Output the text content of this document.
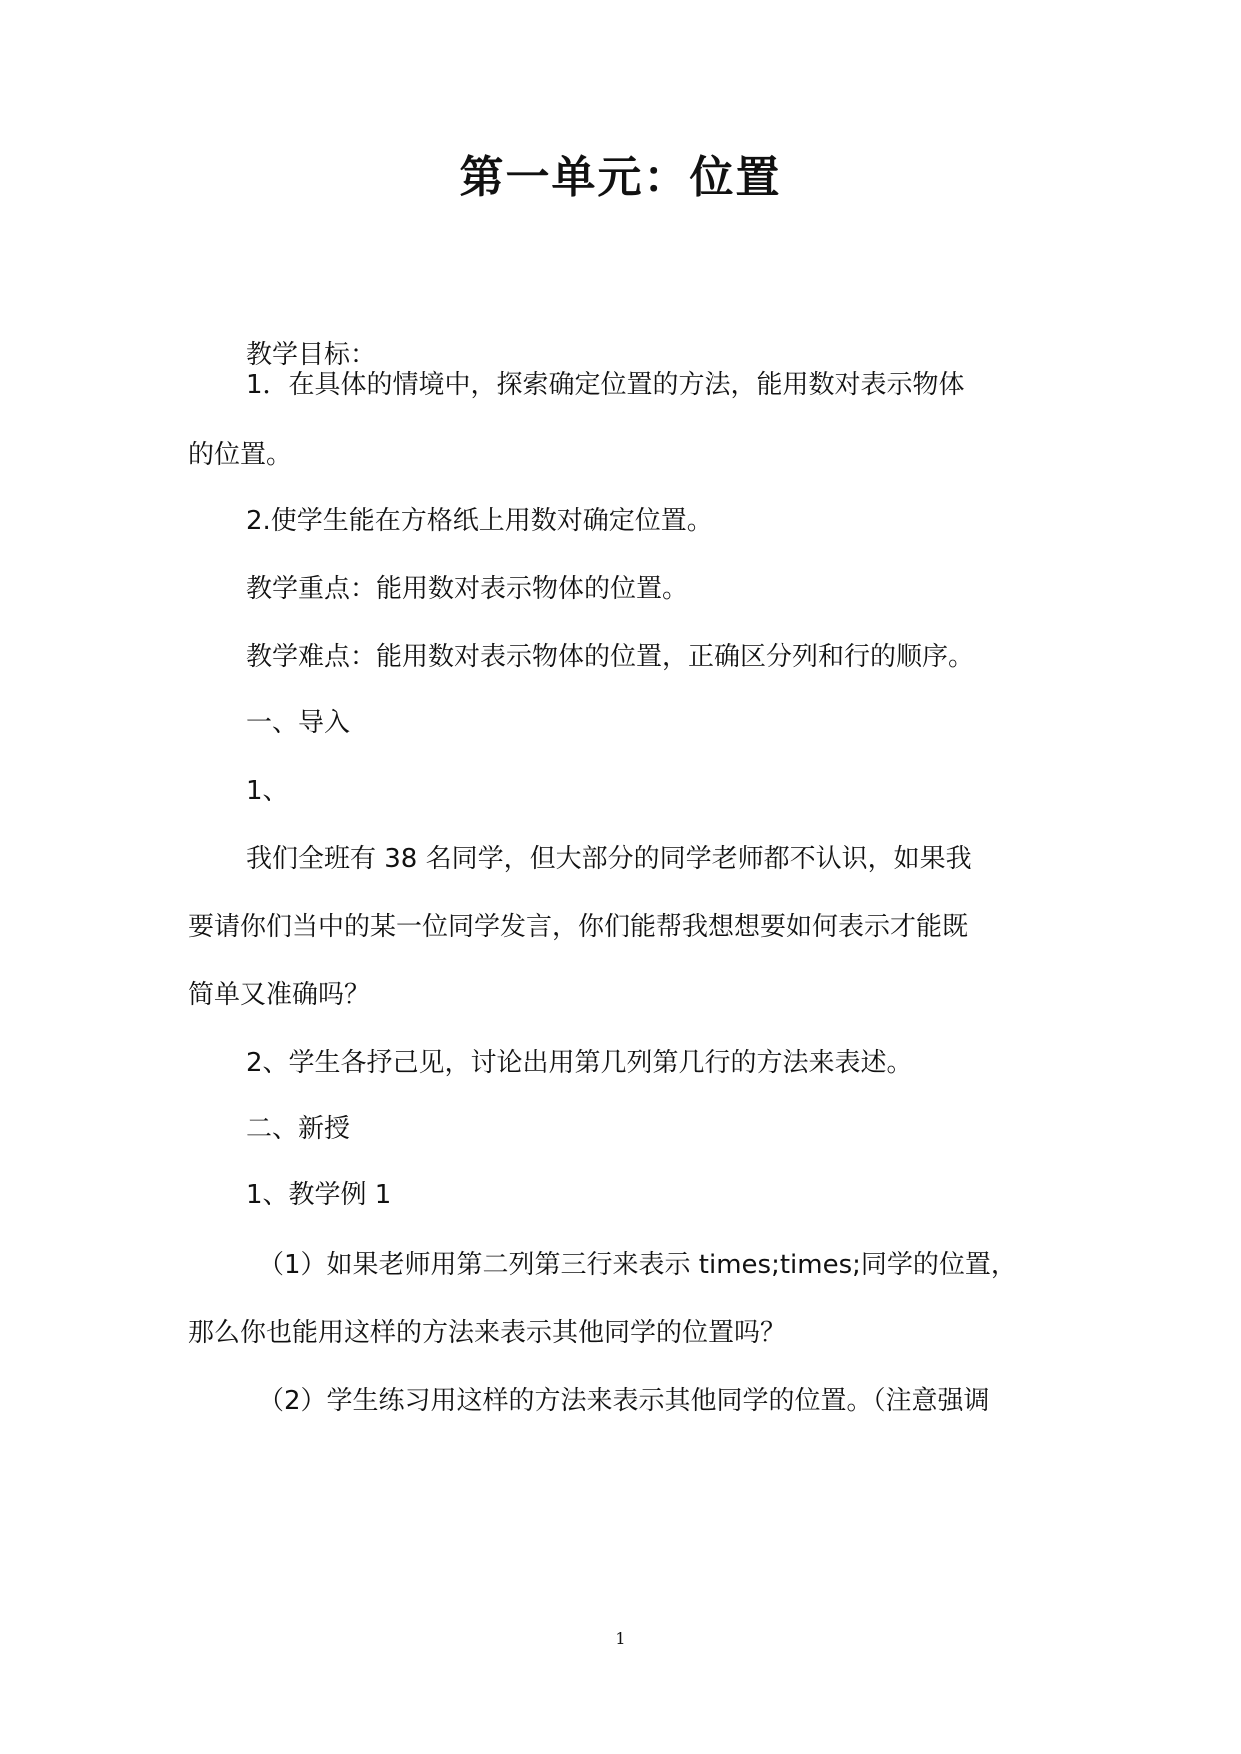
第一单元：位置
教学目标：
1．在具体的情境中，探索确定位置的方法，能用数对表示物体
的位置。
2.使学生能在方格纸上用数对确定位置。
教学重点：能用数对表示物体的位置。
教学难点：能用数对表示物体的位置，正确区分列和行的顺序。
一、导入
1、
我们全班有 38 名同学，但大部分的同学老师都不认识，如果我
要请你们当中的某一位同学发言，你们能帮我想想要如何表示才能既
简单又准确吗？
2、学生各抒己见，讨论出用第几列第几行的方法来表述。
二、新授
1、教学例 1
（1）如果老师用第二列第三行来表示 times;times;同学的位置，
那么你也能用这样的方法来表示其他同学的位置吗？
（2）学生练习用这样的方法来表示其他同学的位置。（注意强调
1
